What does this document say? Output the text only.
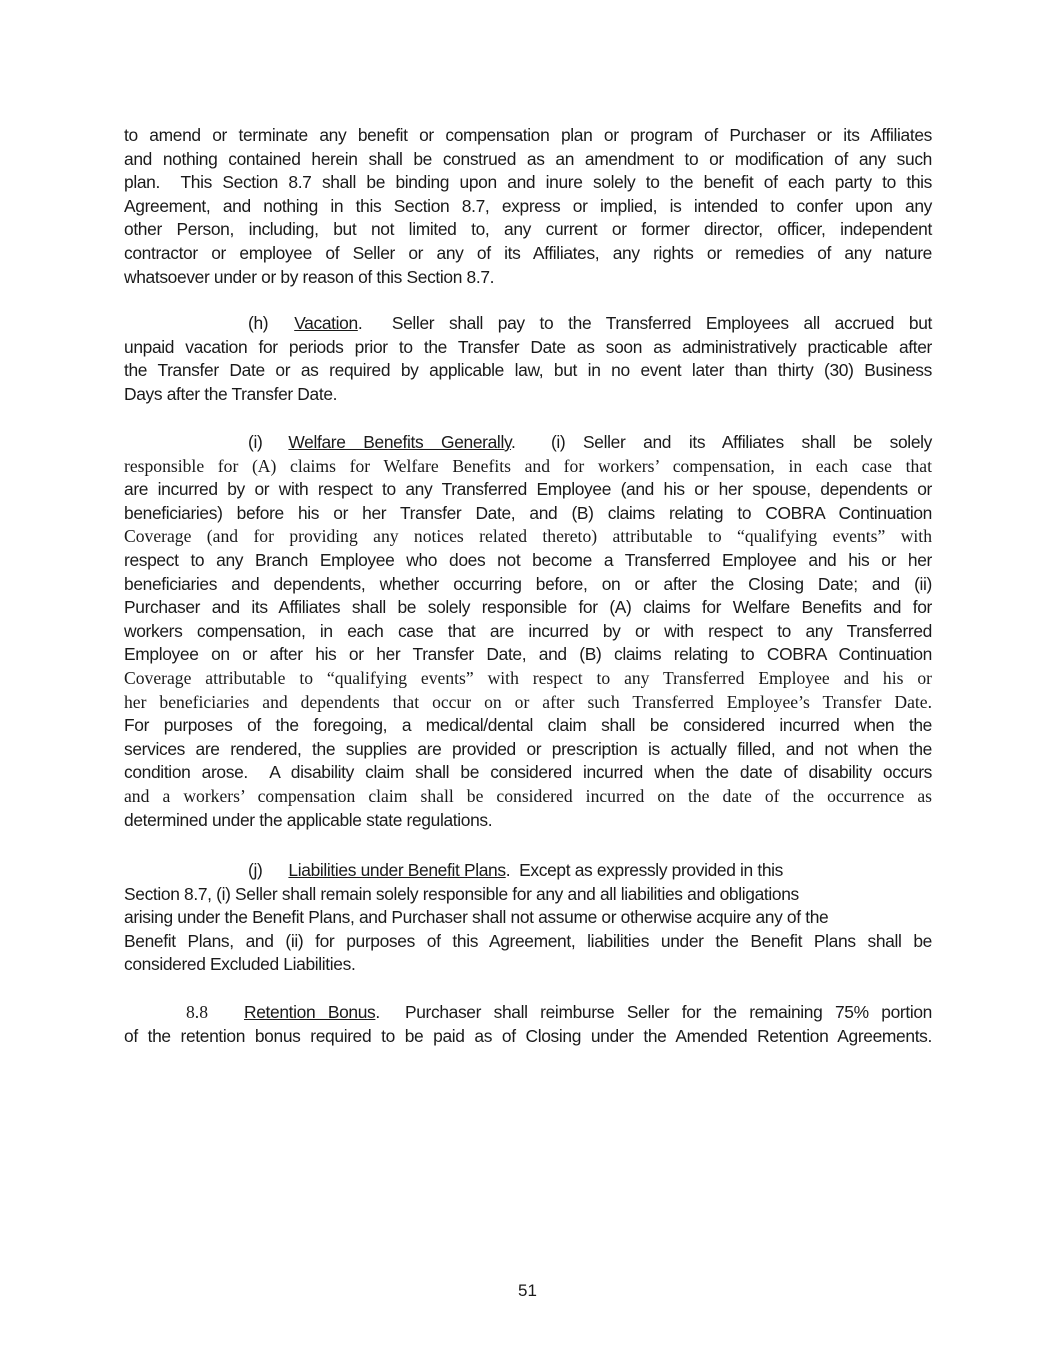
to amend or terminate any benefit or compensation plan or program of Purchaser or its Affiliates
and nothing contained herein shall be construed as an amendment to or modification of any such
plan.  This Section 8.7 shall be binding upon and inure solely to the benefit of each party to this
Agreement, and nothing in this Section 8.7, express or implied, is intended to confer upon any
other Person, including, but not limited to, any current or former director, officer, independent
contractor or employee of Seller or any of its Affiliates, any rights or remedies of any nature
whatsoever under or by reason of this Section 8.7.
(h) Vacation.  Seller shall pay to the Transferred Employees all accrued but
unpaid vacation for periods prior to the Transfer Date as soon as administratively practicable after
the Transfer Date or as required by applicable law, but in no event later than thirty (30) Business
Days after the Transfer Date.
(i) Welfare Benefits Generally.  (i) Seller and its Affiliates shall be solely
responsible for (A) claims for Welfare Benefits and for workers’ compensation, in each case that
are incurred by or with respect to any Transferred Employee (and his or her spouse, dependents or
beneficiaries) before his or her Transfer Date, and (B) claims relating to COBRA Continuation
Coverage (and for providing any notices related thereto) attributable to “qualifying events” with
respect to any Branch Employee who does not become a Transferred Employee and his or her
beneficiaries and dependents, whether occurring before, on or after the Closing Date; and (ii)
Purchaser and its Affiliates shall be solely responsible for (A) claims for Welfare Benefits and for
workers compensation, in each case that are incurred by or with respect to any Transferred
Employee on or after his or her Transfer Date, and (B) claims relating to COBRA Continuation
Coverage attributable to “qualifying events” with respect to any Transferred Employee and his or
her beneficiaries and dependents that occur on or after such Transferred Employee’s Transfer Date.
For purposes of the foregoing, a medical/dental claim shall be considered incurred when the
services are rendered, the supplies are provided or prescription is actually filled, and not when the
condition arose.  A disability claim shall be considered incurred when the date of disability occurs
and a workers’ compensation claim shall be considered incurred on the date of the occurrence as
determined under the applicable state regulations.
(j) Liabilities under Benefit Plans.  Except as expressly provided in this
Section 8.7, (i) Seller shall remain solely responsible for any and all liabilities and obligations
arising under the Benefit Plans, and Purchaser shall not assume or otherwise acquire any of the
Benefit Plans, and (ii) for purposes of this Agreement, liabilities under the Benefit Plans shall be
considered Excluded Liabilities.
8.8 Retention Bonus.  Purchaser shall reimburse Seller for the remaining 75% portion
of the retention bonus required to be paid as of Closing under the Amended Retention Agreements.
51
